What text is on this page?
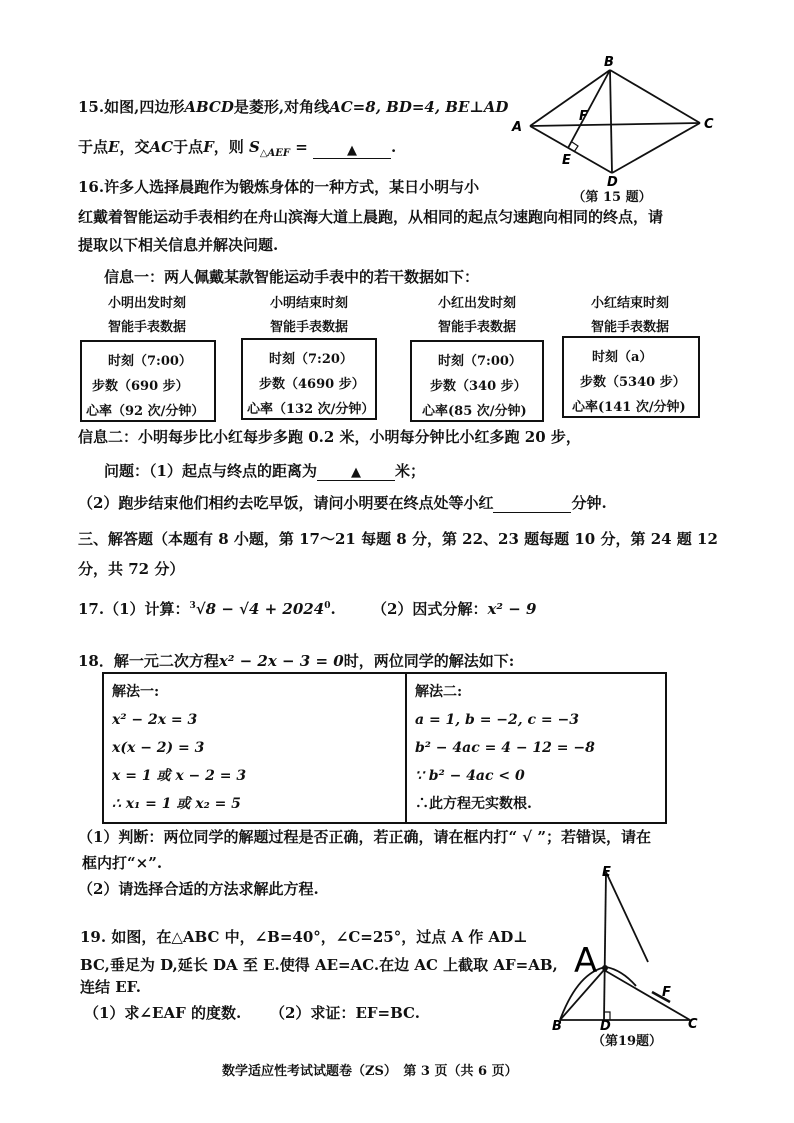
15.如图,四边形ABCD是菱形,对角线AC=8, BD=4, BE⊥AD
于点E，交AC于点F，则 $S_{\triangle AEF}$ =	▲ .
B
A	C
D
F
E
（第 15 题）
16.许多人选择晨跑作为锻炼身体的一种方式，某日小明与小
红戴着智能运动手表相约在舟山滨海大道上晨跑，从相同的起点匀速跑向相同的终点，请
提取以下相关信息并解决问题.
信息一：两人佩戴某款智能运动手表中的若干数据如下：
小明出发时刻
智能手表数据
小明结束时刻
智能手表数据
小红出发时刻
智能手表数据
小红结束时刻
智能手表数据
时刻（7:00）
步数（690 步）
心率（92 次/分钟）
时刻（7:20）
步数（4690 步）
心率（132 次/分钟）
时刻（7:00）
步数（340 步）
心率(85 次/分钟)
时刻（a）
步数（5340 步）
心率(141 次/分钟)
信息二：小明每步比小红每步多跑 0.2 米，小明每分钟比小红多跑 20 步，
问题：（1）起点与终点的距离为	▲ 米；
（2）跑步结束他们相约去吃早饭，请问小明要在终点处等小红	分钟.
三、解答题（本题有 8 小题，第 17～21 每题 8 分，第 22、23 题每题 10 分，第 24 题 12
分，共 72 分）
17.（1）计算：$^3√8 - √4 + 2024^0$. （2）因式分解：x² − 9
18．解一元二次方程x² − 2x − 3 = 0时，两位同学的解法如下:
解法一:
x² − 2x = 3
x(x − 2) = 3
x = 1 或 x − 2 = 3
∴ x₁ = 1 或 x₂ = 5

解法二:
a = 1, b = −2, c = −3
b² − 4ac = 4 − 12 = −8
∵ b² − 4ac < 0
∴此方程无实数根.
（1）判断：两位同学的解题过程是否正确，若正确，请在框内打“ √ ”；若错误，请在
框内打“×”.
（2）请选择合适的方法求解此方程.
19. 如图，在△ABC 中，∠B=40°，∠C=25°，过点 A 作 AD⊥
BC,垂足为 D,延长 DA 至 E.使得 AE=AC.在边 AC 上截取 AF=AB,
连结 EF.
（1）求∠EAF 的度数. （2）求证：EF=BC.
E
A
B	D
F
C
（第19题）
数学适应性考试试题卷（ZS）　第 3 页（共 6 页）
